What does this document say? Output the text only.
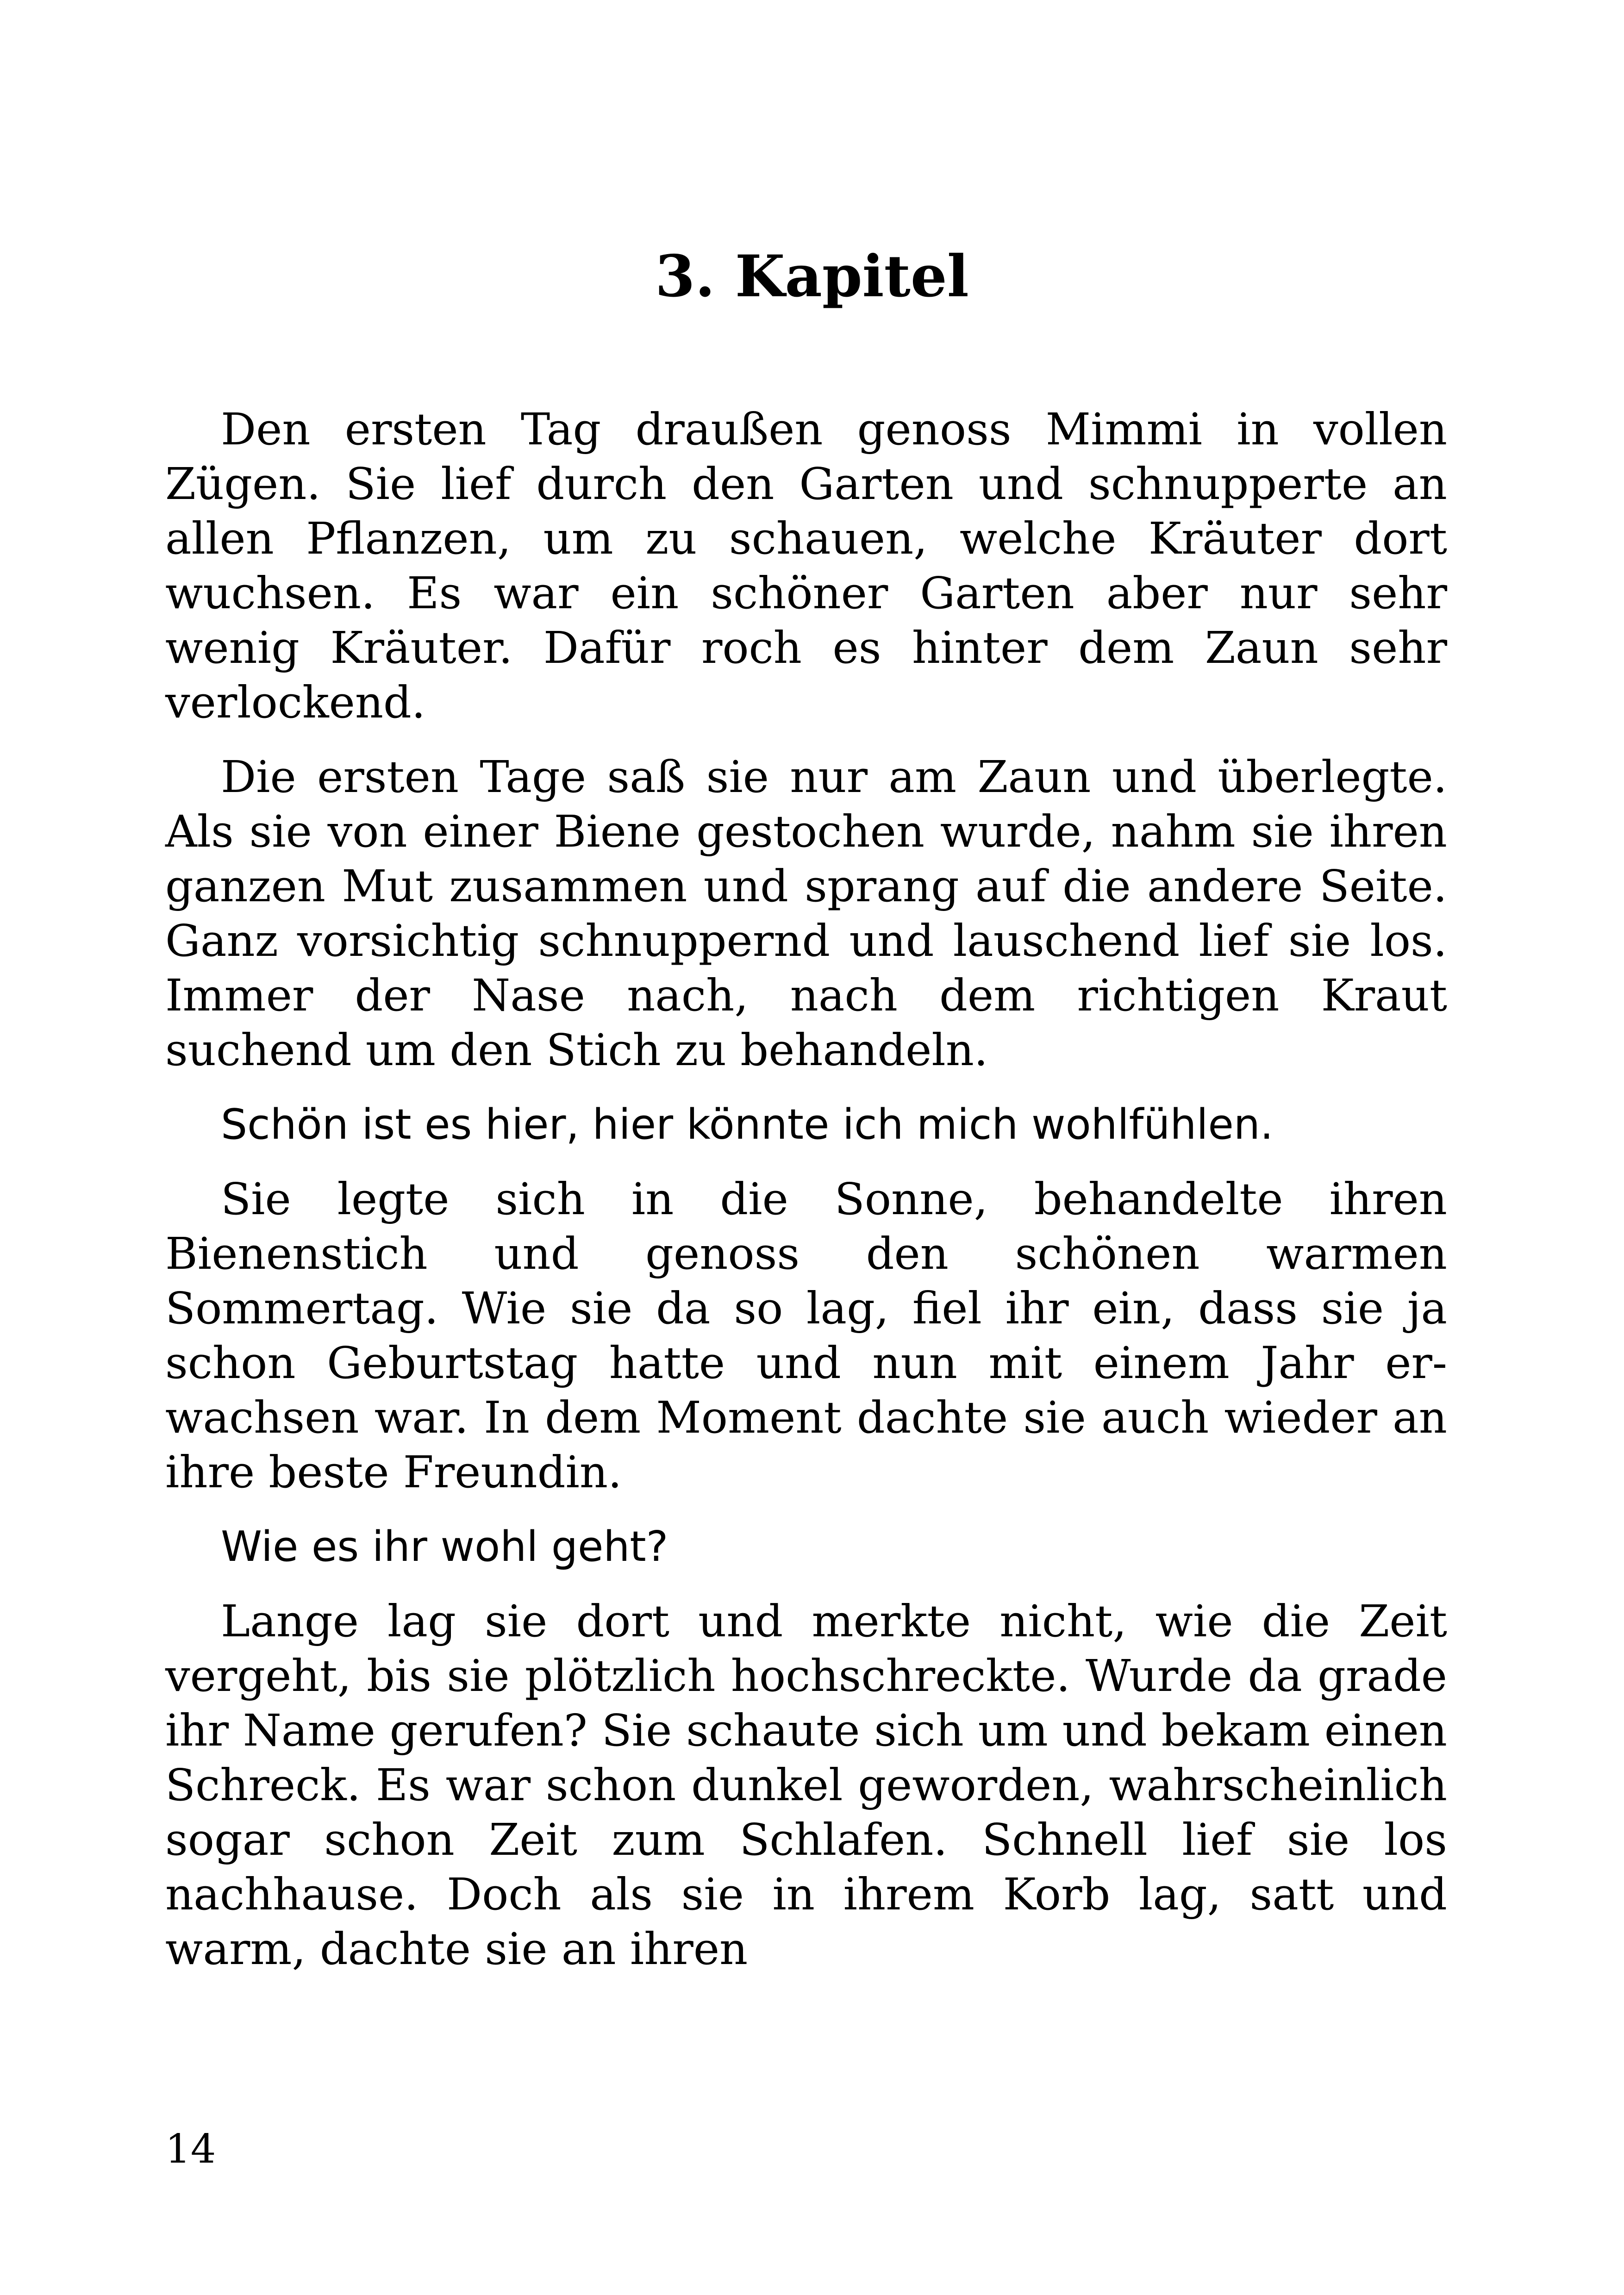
3. Kapitel

Den ersten Tag draußen genoss Mimmi in vollen Zügen. Sie lief durch den Garten und schnupperte an allen Pflanzen, um zu schauen, welche Kräuter dort wuchsen. Es war ein schöner Garten aber nur sehr wenig Kräuter. Dafür roch es hinter dem Zaun sehr verlockend.

Die ersten Tage saß sie nur am Zaun und überlegte. Als sie von einer Biene gestochen wurde, nahm sie ihren ganzen Mut zusammen und sprang auf die andere Seite. Ganz vorsichtig schnuppernd und lauschend lief sie los. Immer der Nase nach, nach dem richtigen Kraut suchend um den Stich zu behandeln.

Schön ist es hier, hier könnte ich mich wohlfühlen.

Sie legte sich in die Sonne, behandelte ihren Bienenstich und genoss den schönen warmen Sommertag. Wie sie da so lag, fiel ihr ein, dass sie ja schon Geburtstag hatte und nun mit einem Jahr erwachsen war. In dem Moment dachte sie auch wieder an ihre beste Freundin.

Wie es ihr wohl geht?

Lange lag sie dort und merkte nicht, wie die Zeit vergeht, bis sie plötzlich hochschreckte. Wurde da grade ihr Name gerufen? Sie schaute sich um und bekam einen Schreck. Es war schon dunkel geworden, wahrscheinlich sogar schon Zeit zum Schlafen. Schnell lief sie los nachhause. Doch als sie in ihrem Korb lag, satt und warm, dachte sie an ihren

14
